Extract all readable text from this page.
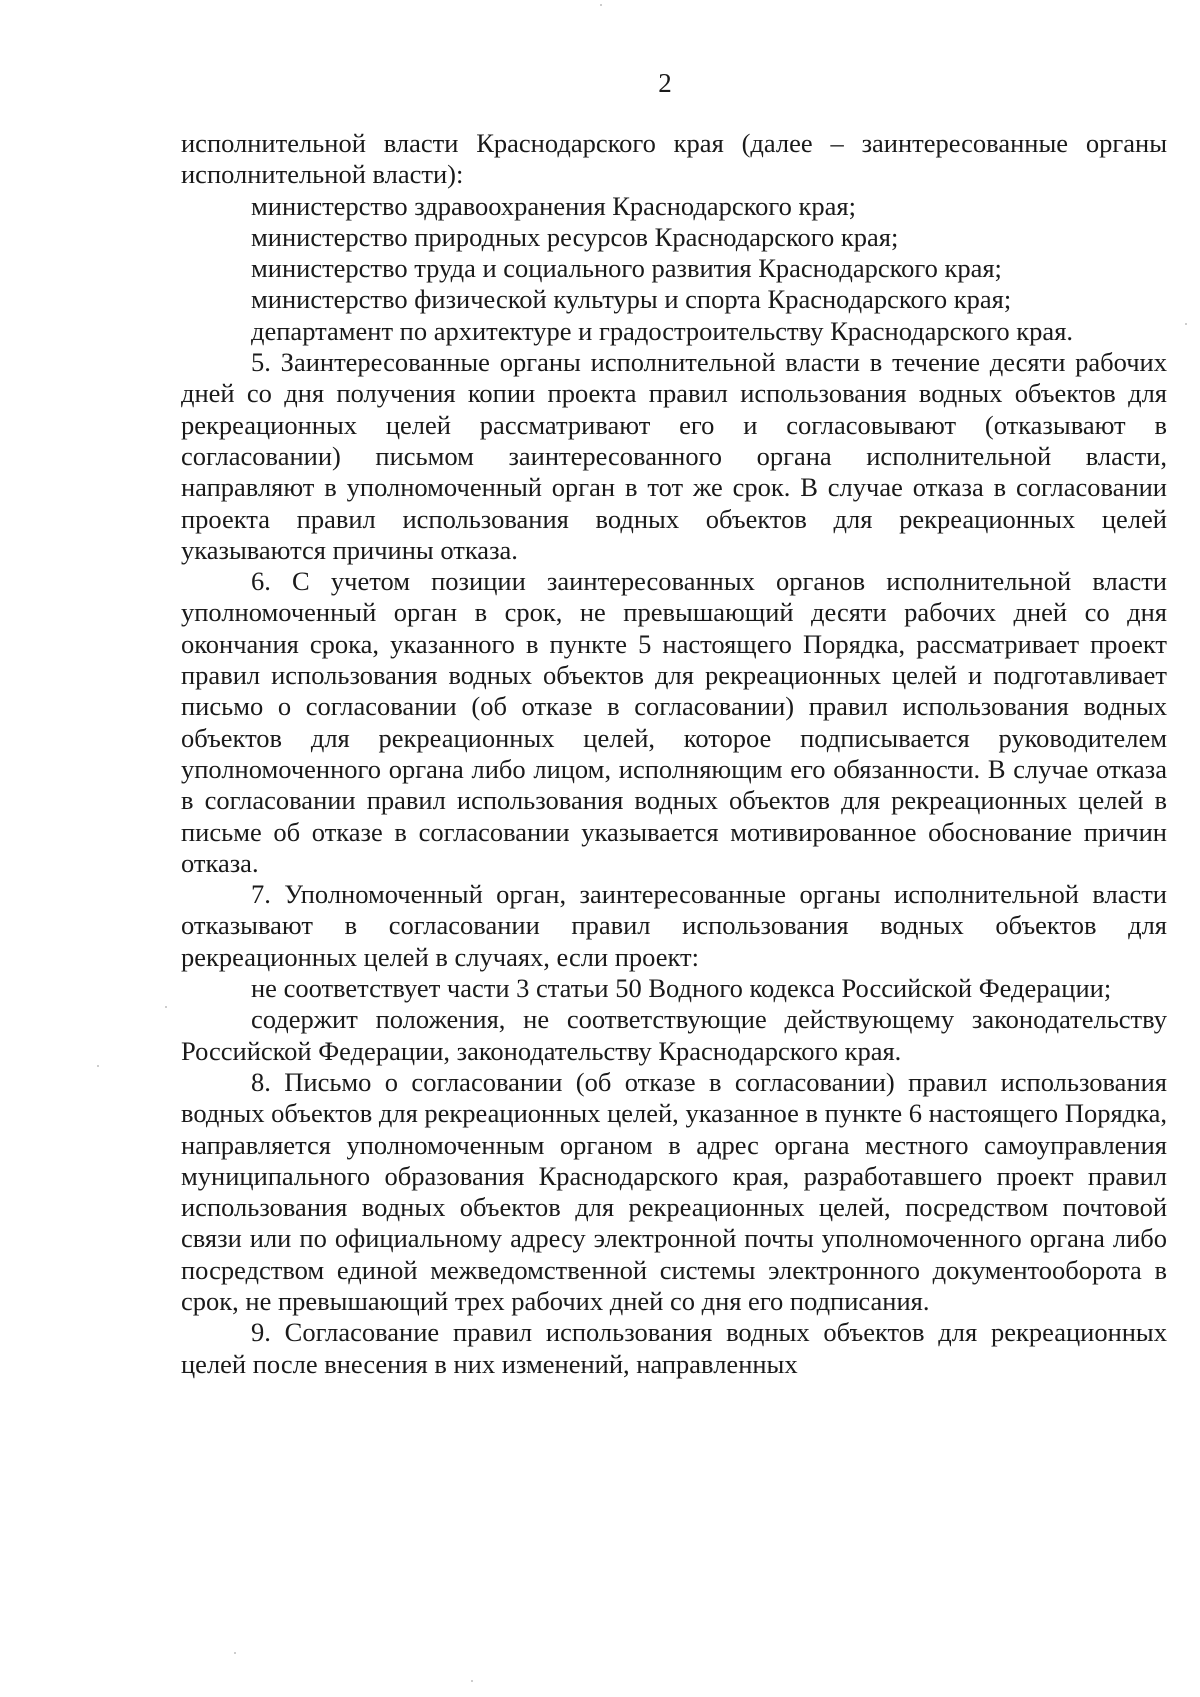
2

исполнительной власти Краснодарского края (далее – заинтересованные органы исполнительной власти):

министерство здравоохранения Краснодарского края;

министерство природных ресурсов Краснодарского края;

министерство труда и социального развития Краснодарского края;

министерство физической культуры и спорта Краснодарского края;

департамент по архитектуре и градостроительству Краснодарского края.

5. Заинтересованные органы исполнительной власти в течение десяти рабочих дней со дня получения копии проекта правил использования водных объектов для рекреационных целей рассматривают его и согласовывают (отказывают в согласовании) письмом заинтересованного органа исполнительной власти, направляют в уполномоченный орган в тот же срок. В случае отказа в согласовании проекта правил использования водных объектов для рекреационных целей указываются причины отказа.

6. С учетом позиции заинтересованных органов исполнительной власти уполномоченный орган в срок, не превышающий десяти рабочих дней со дня окончания срока, указанного в пункте 5 настоящего Порядка, рассматривает проект правил использования водных объектов для рекреационных целей и подготавливает письмо о согласовании (об отказе в согласовании) правил использования водных объектов для рекреационных целей, которое подписывается руководителем уполномоченного органа либо лицом, исполняющим его обязанности. В случае отказа в согласовании правил использования водных объектов для рекреационных целей в письме об отказе в согласовании указывается мотивированное обоснование причин отказа.

7. Уполномоченный орган, заинтересованные органы исполнительной власти отказывают в согласовании правил использования водных объектов для рекреационных целей в случаях, если проект:

не соответствует части 3 статьи 50 Водного кодекса Российской Федерации;

содержит положения, не соответствующие действующему законодательству Российской Федерации, законодательству Краснодарского края.

8. Письмо о согласовании (об отказе в согласовании) правил использования водных объектов для рекреационных целей, указанное в пункте 6 настоящего Порядка, направляется уполномоченным органом в адрес органа местного самоуправления муниципального образования Краснодарского края, разработавшего проект правил использования водных объектов для рекреационных целей, посредством почтовой связи или по официальному адресу электронной почты уполномоченного органа либо посредством единой межведомственной системы электронного документооборота в срок, не превышающий трех рабочих дней со дня его подписания.

9. Согласование правил использования водных объектов для рекреационных целей после внесения в них изменений, направленных
